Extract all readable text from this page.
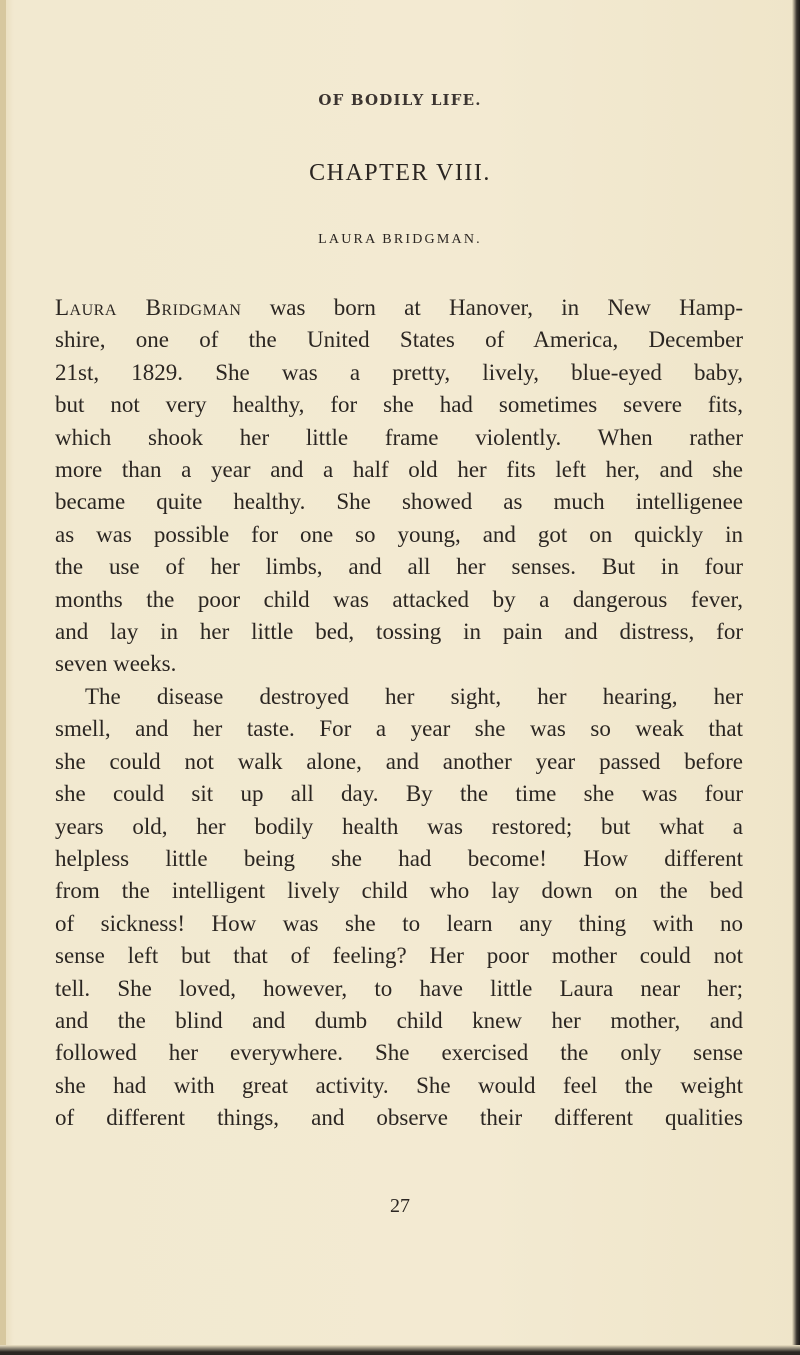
OF BODILY LIFE.
CHAPTER VIII.
LAURA BRIDGMAN.
Laura Bridgman was born at Hanover, in New Hamp-
shire, one of the United States of America, December
21st, 1829. She was a pretty, lively, blue-eyed baby,
but not very healthy, for she had sometimes severe fits,
which shook her little frame violently. When rather
more than a year and a half old her fits left her, and she
became quite healthy. She showed as much intelligenee
as was possible for one so young, and got on quickly in
the use of her limbs, and all her senses. But in four
months the poor child was attacked by a dangerous fever,
and lay in her little bed, tossing in pain and distress, for
seven weeks.
The disease destroyed her sight, her hearing, her
smell, and her taste. For a year she was so weak that
she could not walk alone, and another year passed before
she could sit up all day. By the time she was four
years old, her bodily health was restored; but what a
helpless little being she had become! How different
from the intelligent lively child who lay down on the bed
of sickness! How was she to learn any thing with no
sense left but that of feeling? Her poor mother could not
tell. She loved, however, to have little Laura near her;
and the blind and dumb child knew her mother, and
followed her everywhere. She exercised the only sense
she had with great activity. She would feel the weight
of different things, and observe their different qualities
27
